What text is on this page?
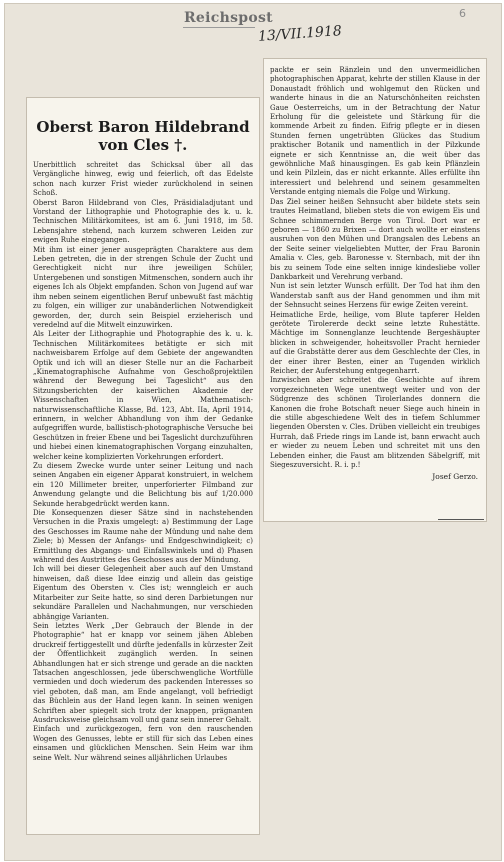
Reichspost
13/VII.1918
6
Oberst Baron Hildebrand von Cles †.
Unerbittlich schreitet das Schicksal über all das Vergängliche hinweg, ewig und feierlich, oft das Edelste schon nach kurzer Frist wieder zurückholend in seinen Schoß.
Oberst Baron Hildebrand von Cles, Präsidialadjutant und Vorstand der Lithographie und Photographie des k. u. k. Technischen Militärkomitees, ist am 6. Juni 1918, im 58. Lebensjahre stehend, nach kurzem schweren Leiden zur ewigen Ruhe eingegangen.
Mit ihm ist einer jener ausgeprägten Charaktere aus dem Leben getreten, die in der strengen Schule der Zucht und Gerechtigkeit nicht nur ihre jeweiligen Schüler, Untergebenen und sonstigen Mitmenschen, sondern auch ihr eigenes Ich als Objekt empfanden. Schon von Jugend auf war ihm neben seinem eigentlichen Beruf unbewußt fast mächtig zu folgen, ein williger zur unabänderlichen Notwendigkeit geworden, der, durch sein Beispiel erzieherisch und veredelnd auf die Mitwelt einzuwirken.
Als Leiter der Lithographie und Photographie des k. u. k. Technischen Militärkomitees betätigte er sich mit nachweisbarem Erfolge auf dem Gebiete der angewandten Optik und ich will an dieser Stelle nur an die Facharbeit „Kinematographische Aufnahme von Geschoßprojektilen während der Bewegung bei Tageslicht“ aus den Sitzungsberichten der kaiserlichen Akademie der Wissenschaften in Wien, Mathematisch-naturwissenschaftliche Klasse, Bd. 123, Abt. IIa, April 1914, erinnern, in welcher Abhandlung von ihm der Gedanke aufgegriffen wurde, ballistisch-photographische Versuche bei Geschützen in freier Ebene und bei Tageslicht durchzuführen und hiebei einen kinematographischen Vorgang einzuhalten, welcher keine komplizierten Vorkehrungen erfordert.
Zu diesem Zwecke wurde unter seiner Leitung und nach seinen Angaben ein eigener Apparat konstruiert, in welchem ein 120 Millimeter breiter, unperforierter Filmband zur Anwendung gelangte und die Belichtung bis auf 1/20.000 Sekunde herabgedrückt werden kann.
Die Konsequenzen dieser Sätze sind in nachstehenden Versuchen in die Praxis umgelegt: a) Bestimmung der Lage des Geschosses im Raume nahe der Mündung und nahe dem Ziele; b) Messen der Anfangs- und Endgeschwindigkeit; c) Ermittlung des Abgangs- und Einfallswinkels und d) Phasen während des Austrittes des Geschosses aus der Mündung.
Ich will bei dieser Gelegenheit aber auch auf den Umstand hinweisen, daß diese Idee einzig und allein das geistige Eigentum des Obersten v. Cles ist; wenngleich er auch Mitarbeiter zur Seite hatte, so sind deren Darbietungen nur sekundäre Parallelen und Nachahmungen, nur verschieden abhängige Varianten.
Sein letztes Werk „Der Gebrauch der Blende in der Photographie“ hat er knapp vor seinem jähen Ableben druckreif fertiggestellt und dürfte jedenfalls in kürzester Zeit der Öffentlichkeit zugänglich werden. In seinen Abhandlungen hat er sich strenge und gerade an die nackten Tatsachen angeschlossen, jede überschwengliche Wortfülle vermieden und doch wiederum des packenden Interesses so viel geboten, daß man, am Ende angelangt, voll befriedigt das Büchlein aus der Hand legen kann. In seinen wenigen Schriften aber spiegelt sich trotz der knappen, prägnanten Ausdrucksweise gleichsam voll und ganz sein innerer Gehalt.
Einfach und zurückgezogen, fern von den rauschenden Wogen des Genusses, lebte er still für sich das Leben eines einsamen und glücklichen Menschen. Sein Heim war ihm seine Welt. Nur während seines alljährlichen Urlaubes
packte er sein Ränzlein und den unvermeidlichen photographischen Apparat, kehrte der stillen Klause in der Donaustadt fröhlich und wohlgemut den Rücken und wanderte hinaus in die an Naturschönheiten reichsten Gaue Oesterreichs, um in der Betrachtung der Natur Erholung für die geleistete und Stärkung für die kommende Arbeit zu finden. Eifrig pflegte er in diesen Stunden fernen ungetrübten Glückes das Studium praktischer Botanik und namentlich in der Pilzkunde eignete er sich Kenntnisse an, die weit über das gewöhnliche Maß hinausgingen. Es gab kein Pflänzlein und kein Pilzlein, das er nicht erkannte. Alles erfüllte ihn interessiert und belehrend und seinem gesammelten Verstande entging niemals die Folge und Wirkung.
Das Ziel seiner heißen Sehnsucht aber bildete stets sein trautes Heimatland, blieben stets die von ewigem Eis und Schnee schimmernden Berge von Tirol. Dort war er geboren — 1860 zu Brixen — dort auch wollte er einstens ausruhen von den Mühen und Drangsalen des Lebens an der Seite seiner vielgeliebten Mutter, der Frau Baronin Amalia v. Cles, geb. Baronesse v. Sternbach, mit der ihn bis zu seinem Tode eine selten innige kindesliebe voller Dankbarkeit und Verehrung verband.
Nun ist sein letzter Wunsch erfüllt. Der Tod hat ihm den Wanderstab sanft aus der Hand genommen und ihm mit der Sehnsucht seines Herzens für ewige Zeiten vereint.
Heimatliche Erde, heilige, vom Blute tapferer Helden gerötete Tirolererde deckt seine letzte Ruhestätte. Mächtige im Sonnenglanze leuchtende Bergeshäupter blicken in schweigender, hoheitsvoller Pracht hernieder auf die Grabstätte derer aus dem Geschlechte der Cles, in der einer ihrer Besten, einer an Tugenden wirklich Reicher, der Auferstehung entgegenharrt.
Inzwischen aber schreitet die Geschichte auf ihrem vorgezeichneten Wege unentwegt weiter und von der Südgrenze des schönen Tirolerlandes donnern die Kanonen die frohe Botschaft neuer Siege auch hinein in die stille abgeschiedene Welt des in tiefem Schlummer liegenden Obersten v. Cles. Drüben vielleicht ein treubiges Hurrah, daß Friede rings im Lande ist, bann erwacht auch er wieder zu neuem Leben und schreitet mit uns den Lebenden einher, die Faust am blitzenden Säbelgriff, mit Siegeszuversicht. R. i. p.!
Josef Gerzo.
